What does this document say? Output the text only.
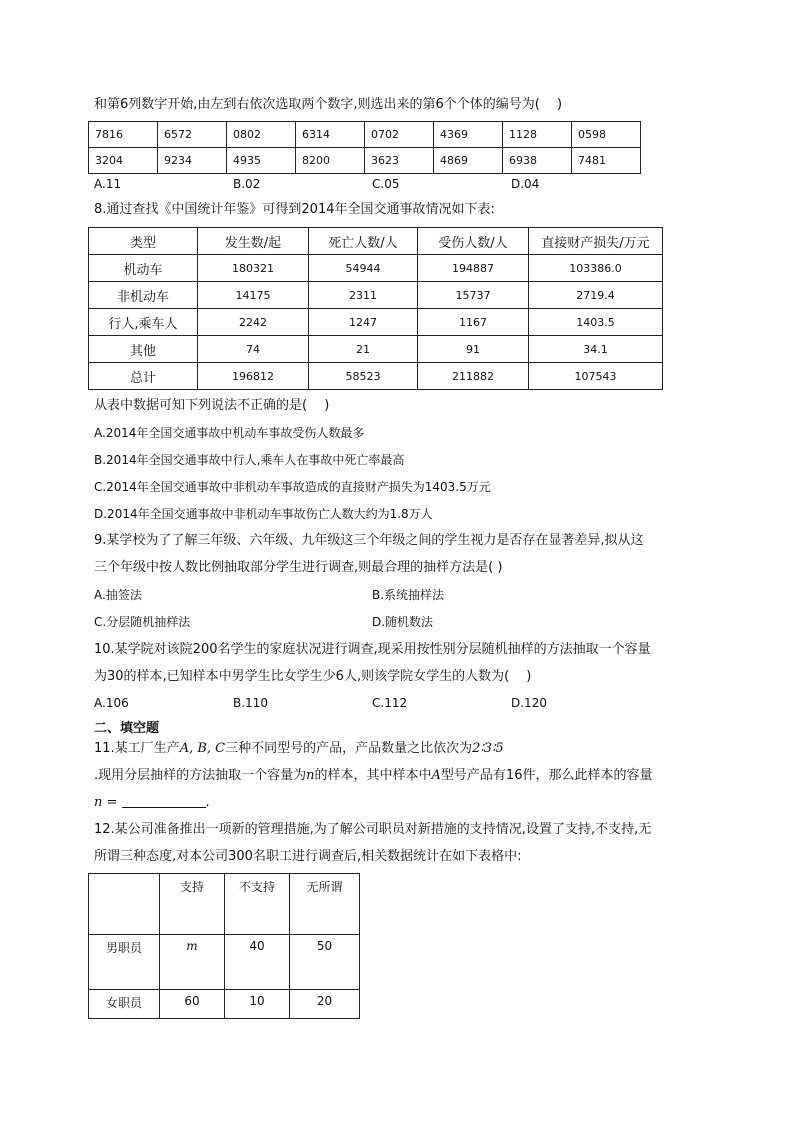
和第6列数字开始,由左到右依次选取两个数字,则选出来的第6个个体的编号为(　 )
7816	6572	0802	6314	0702	4369	1128	0598
3204	9234	4935	8200	3623	4869	6938	7481
A.11	B.02	C.05	D.04
8.通过查找《中国统计年鉴》可得到2014年全国交通事故情况如下表:
类型	发生数/起	死亡人数/人	受伤人数/人	直接财产损失/万元
机动车	180321	54944	194887	103386.0
非机动车	14175	2311	15737	2719.4
行人,乘车人	2242	1247	1167	1403.5
其他	74	21	91	34.1
总计	196812	58523	211882	107543
从表中数据可知下列说法不正确的是(　 )
A.2014年全国交通事故中机动车事故受伤人数最多
B.2014年全国交通事故中行人,乘车人在事故中死亡率最高
C.2014年全国交通事故中非机动车事故造成的直接财产损失为1403.5万元
D.2014年全国交通事故中非机动车事故伤亡人数大约为1.8万人
9.某学校为了了解三年级、六年级、九年级这三个年级之间的学生视力是否存在显著差异,拟从这
三个年级中按人数比例抽取部分学生进行调查,则最合理的抽样方法是( )
A.抽签法	B.系统抽样法
C.分层随机抽样法	D.随机数法
10.某学院对该院200名学生的家庭状况进行调查,现采用按性别分层随机抽样的方法抽取一个容量
为30的样本,已知样本中男学生比女学生少6人,则该学院女学生的人数为(　 )
A.106	B.110	C.112	D.120
二、填空题
11.某工厂生产A, B, C三种不同型号的产品，产品数量之比依次为2∶3∶5
.现用分层抽样的方法抽取一个容量为n的样本，其中样本中A型号产品有16件，那么此样本的容量
n =	.
12.某公司准备推出一项新的管理措施,为了解公司职员对新措施的支持情况,设置了支持,不支持,无
所谓三种态度,对本公司300名职工进行调查后,相关数据统计在如下表格中:
	支持	不支持	无所谓
男职员	m	40	50
女职员	60	10	20
